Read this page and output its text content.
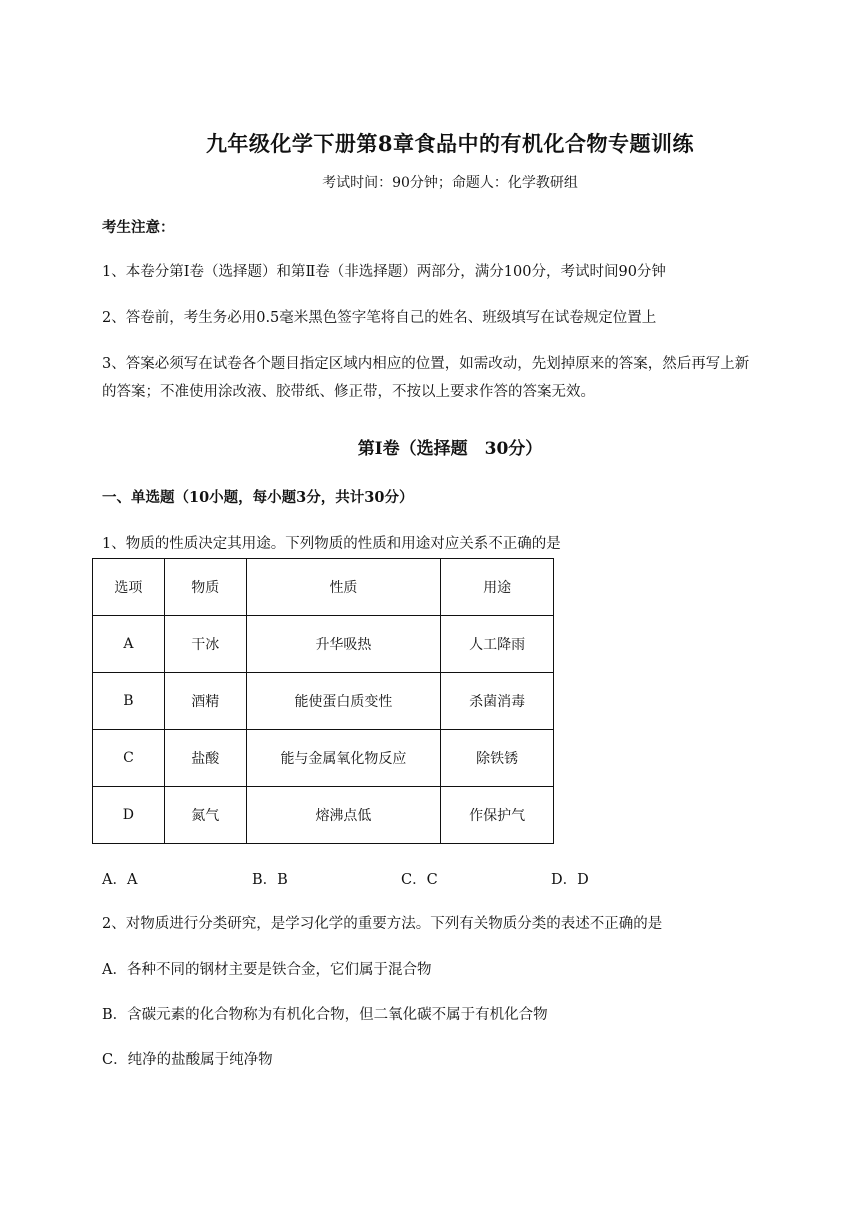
九年级化学下册第8章食品中的有机化合物专题训练
考试时间：90分钟；命题人：化学教研组
考生注意：
1、本卷分第Ⅰ卷（选择题）和第Ⅱ卷（非选择题）两部分，满分100分，考试时间90分钟
2、答卷前，考生务必用0.5毫米黑色签字笔将自己的姓名、班级填写在试卷规定位置上
3、答案必须写在试卷各个题目指定区域内相应的位置，如需改动，先划掉原来的答案，然后再写上新
的答案；不准使用涂改液、胶带纸、修正带，不按以上要求作答的答案无效。
第Ⅰ卷（选择题　30分）
一、单选题（10小题，每小题3分，共计30分）
1、物质的性质决定其用途。下列物质的性质和用途对应关系不正确的是
选项	物质	性质	用途
A	干冰	升华吸热	人工降雨
B	酒精	能使蛋白质变性	杀菌消毒
C	盐酸	能与金属氧化物反应	除铁锈
D	氮气	熔沸点低	作保护气
A．A	B．B	C．C	D．D
2、对物质进行分类研究，是学习化学的重要方法。下列有关物质分类的表述不正确的是
A．各种不同的钢材主要是铁合金，它们属于混合物
B．含碳元素的化合物称为有机化合物，但二氧化碳不属于有机化合物
C．纯净的盐酸属于纯净物
